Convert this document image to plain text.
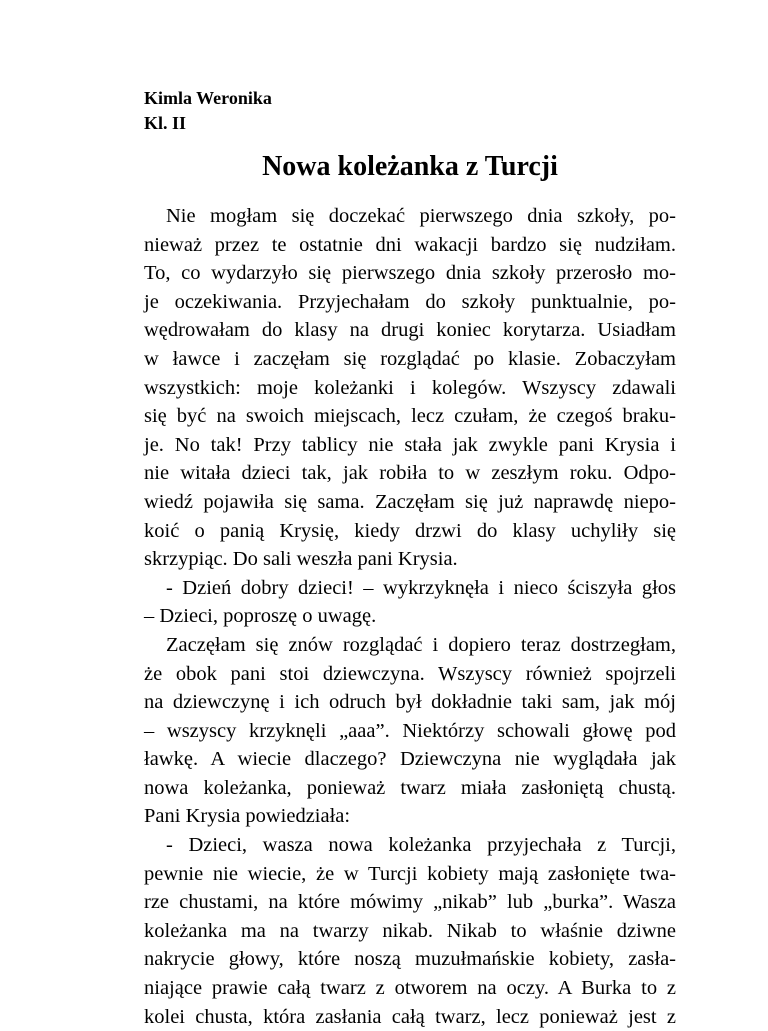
Kimla Weronika
Kl. II
Nowa koleżanka z Turcji
Nie mogłam się doczekać pierwszego dnia szkoły, po-
nieważ przez te ostatnie dni wakacji bardzo się nudziłam.
To, co wydarzyło się pierwszego dnia szkoły przerosło mo-
je oczekiwania. Przyjechałam do szkoły punktualnie, po-
wędrowałam do klasy na drugi koniec korytarza. Usiadłam
w ławce i zaczęłam się rozglądać po klasie. Zobaczyłam
wszystkich: moje koleżanki i kolegów. Wszyscy zdawali
się być na swoich miejscach, lecz czułam, że czegoś braku-
je. No tak! Przy tablicy nie stała jak zwykle pani Krysia i
nie witała dzieci tak, jak robiła to w zeszłym roku. Odpo-
wiedź pojawiła się sama. Zaczęłam się już naprawdę niepo-
koić o panią Krysię, kiedy drzwi do klasy uchyliły się
skrzypiąc. Do sali weszła pani Krysia.
- Dzień dobry dzieci! – wykrzyknęła i nieco ściszyła głos
– Dzieci, poproszę o uwagę.
Zaczęłam się znów rozglądać i dopiero teraz dostrzegłam,
że obok pani stoi dziewczyna. Wszyscy również spojrzeli
na dziewczynę i ich odruch był dokładnie taki sam, jak mój
– wszyscy krzyknęli „aaa”. Niektórzy schowali głowę pod
ławkę. A wiecie dlaczego? Dziewczyna nie wyglądała jak
nowa koleżanka, ponieważ twarz miała zasłoniętą chustą.
Pani Krysia powiedziała:
- Dzieci, wasza nowa koleżanka przyjechała z Turcji,
pewnie nie wiecie, że w Turcji kobiety mają zasłonięte twa-
rze chustami, na które mówimy „nikab” lub „burka”. Wasza
koleżanka ma na twarzy nikab. Nikab to właśnie dziwne
nakrycie głowy, które noszą muzułmańskie kobiety, zasła-
niające prawie całą twarz z otworem na oczy. A Burka to z
kolei chusta, która zasłania całą twarz, lecz ponieważ jest z
